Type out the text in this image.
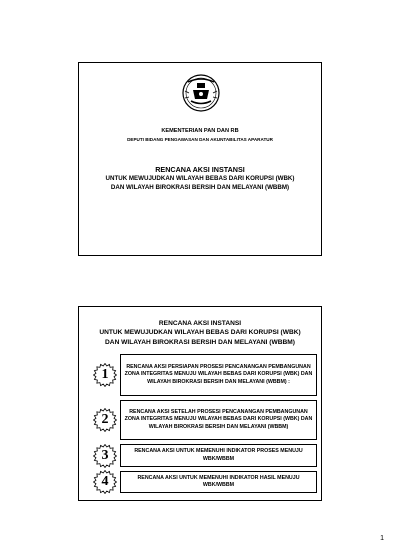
KEMENTERIAN PAN DAN RB
DEPUTI BIDANG PENGAWASAN DAN AKUNTABILITAS APARATUR
RENCANA AKSI INSTANSI
UNTUK MEWUJUDKAN WILAYAH BEBAS DARI KORUPSI (WBK)
DAN WILAYAH BIROKRASI BERSIH DAN MELAYANI (WBBM)
RENCANA AKSI INSTANSI
UNTUK MEWUJUDKAN WILAYAH BEBAS DARI KORUPSI (WBK)
DAN WILAYAH BIROKRASI BERSIH DAN MELAYANI (WBBM)
1
RENCANA AKSI PERSIAPAN PROSESI PENCANANGAN PEMBANGUNAN ZONA INTEGRITAS MENUJU WILAYAH BEBAS DARI KORUPSI (WBK) DAN WILAYAH BIROKRASI BERSIH DAN MELAYANI (WBBM) :
2
RENCANA AKSI SETELAH PROSESI PENCANANGAN PEMBANGUNAN ZONA INTEGRITAS MENUJU WILAYAH BEBAS DARI KORUPSI (WBK) DAN WILAYAH BIROKRASI BERSIH DAN MELAYANI (WBBM)
3	RENCANA AKSI UNTUK MEMENUHI INDIKATOR PROSES MENUJU WBK/WBBM
4	RENCANA AKSI UNTUK MEMENUHI INDIKATOR HASIL MENUJU WBK/WBBM
1
